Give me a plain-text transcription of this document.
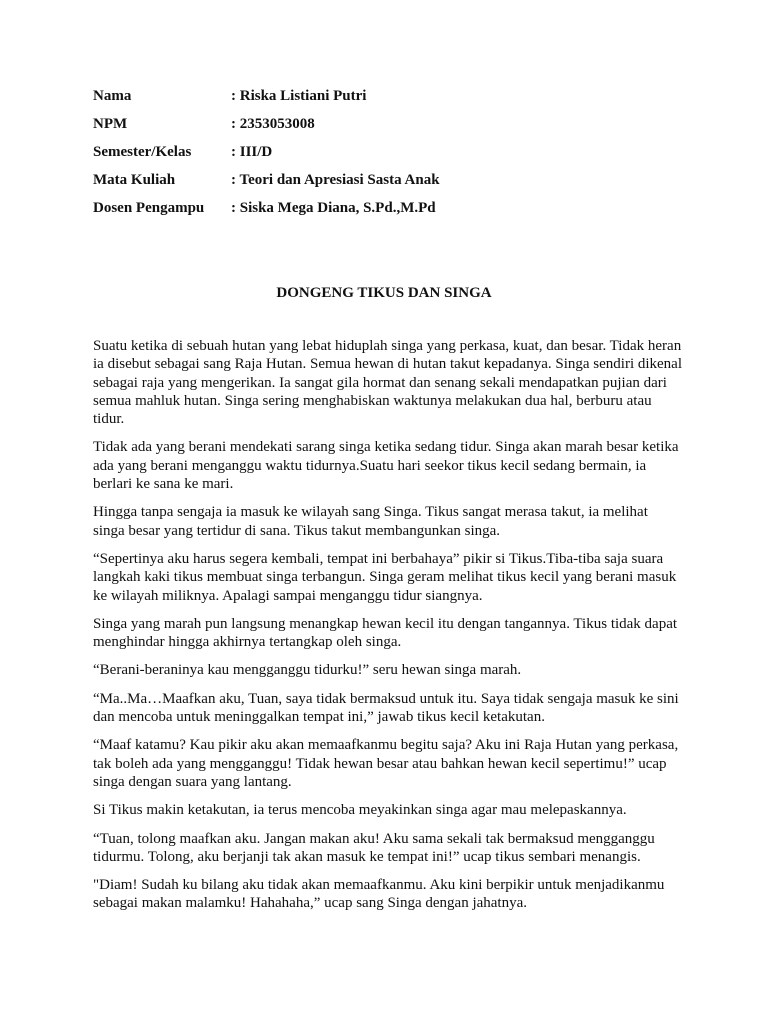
Nama	: Riska Listiani Putri
NPM	: 2353053008
Semester/Kelas	: III/D
Mata Kuliah	: Teori dan Apresiasi Sasta Anak
Dosen Pengampu	: Siska Mega Diana, S.Pd.,M.Pd
DONGENG TIKUS DAN SINGA

Suatu ketika di sebuah hutan yang lebat hiduplah singa yang perkasa, kuat, dan besar. Tidak heran ia disebut sebagai sang Raja Hutan. Semua hewan di hutan takut kepadanya. Singa sendiri dikenal sebagai raja yang mengerikan. Ia sangat gila hormat dan senang sekali mendapatkan pujian dari semua mahluk hutan. Singa sering menghabiskan waktunya melakukan dua hal, berburu atau tidur.

Tidak ada yang berani mendekati sarang singa ketika sedang tidur. Singa akan marah besar ketika ada yang berani menganggu waktu tidurnya.Suatu hari seekor tikus kecil sedang bermain, ia berlari ke sana ke mari.

Hingga tanpa sengaja ia masuk ke wilayah sang Singa. Tikus sangat merasa takut, ia melihat singa besar yang tertidur di sana. Tikus takut membangunkan singa.

“Sepertinya aku harus segera kembali, tempat ini berbahaya” pikir si Tikus.Tiba-tiba saja suara langkah kaki tikus membuat singa terbangun. Singa geram melihat tikus kecil yang berani masuk ke wilayah miliknya. Apalagi sampai menganggu tidur siangnya.

Singa yang marah pun langsung menangkap hewan kecil itu dengan tangannya. Tikus tidak dapat menghindar hingga akhirnya tertangkap oleh singa.

“Berani-beraninya kau mengganggu tidurku!” seru hewan singa marah.

“Ma..Ma…Maafkan aku, Tuan, saya tidak bermaksud untuk itu. Saya tidak sengaja masuk ke sini dan mencoba untuk meninggalkan tempat ini,” jawab tikus kecil ketakutan.

“Maaf katamu? Kau pikir aku akan memaafkanmu begitu saja? Aku ini Raja Hutan yang perkasa, tak boleh ada yang mengganggu! Tidak hewan besar atau bahkan hewan kecil sepertimu!” ucap singa dengan suara yang lantang.

Si Tikus makin ketakutan, ia terus mencoba meyakinkan singa agar mau melepaskannya.

“Tuan, tolong maafkan aku. Jangan makan aku! Aku sama sekali tak bermaksud mengganggu tidurmu. Tolong, aku berjanji tak akan masuk ke tempat ini!” ucap tikus sembari menangis.

"Diam! Sudah ku bilang aku tidak akan memaafkanmu. Aku kini berpikir untuk menjadikanmu sebagai makan malamku! Hahahaha,” ucap sang Singa dengan jahatnya.
